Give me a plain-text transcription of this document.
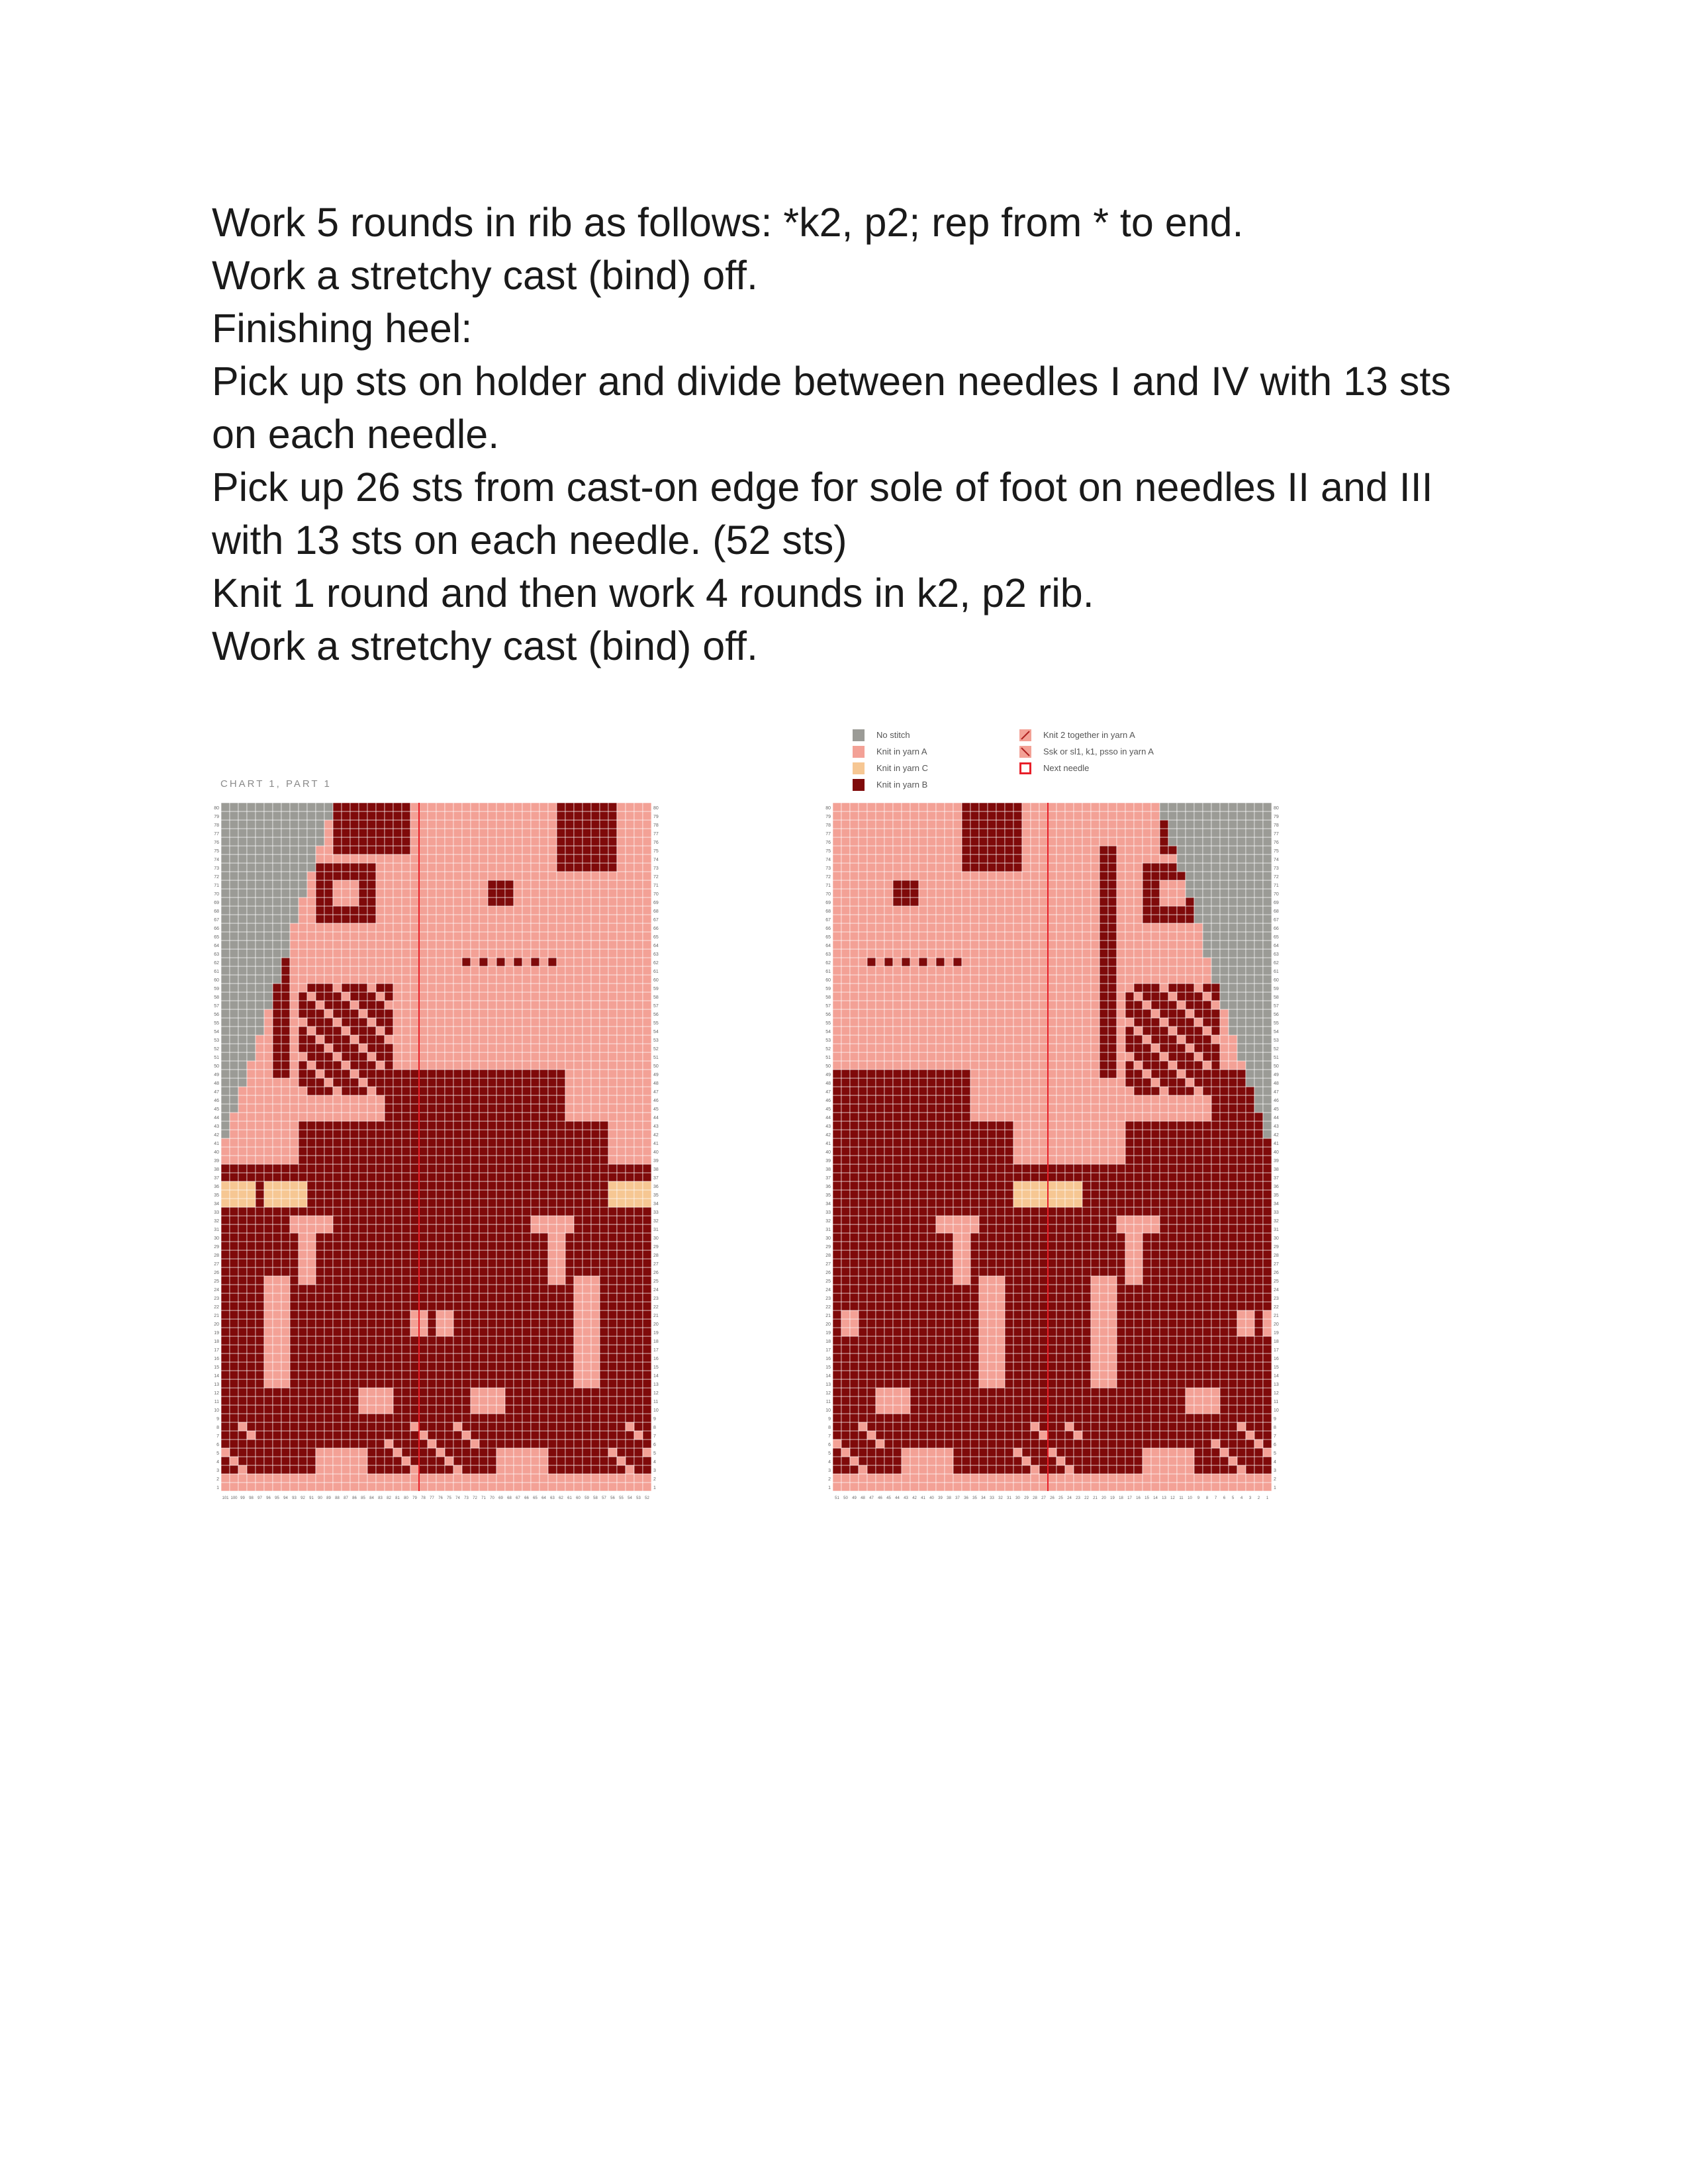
Work 5 rounds in rib as follows: *k2, p2; rep from * to end.

Work a stretchy cast (bind) off.

Finishing heel:

Pick up sts on holder and divide between needles I and IV with 13 sts

on each needle.

Pick up 26 sts from cast-on edge for sole of foot on needles II and III

with 13 sts on each needle. (52 sts)

Knit 1 round and then work 4 rounds in k2, p2 rib.

Work a stretchy cast (bind) off.

CHART 1, PART 1
No stitch
Knit in yarn A
Knit in yarn C
Knit in yarn B
Knit 2 together in yarn A
Ssk or sl1, k1, psso in yarn A
Next needle
1	1
2	2
3	3
4	4
5	5
6	6
7	7
8	8
9	9
10	10
11	11
12	12
13	13
14	14
15	15
16	16
17	17
18	18
19	19
20	20
21	21
22	22
23	23
24	24
25	25
26	26
27	27
28	28
29	29
30	30
31	31
32	32
33	33
34	34
35	35
36	36
37	37
38	38
39	39
40	40
41	41
42	42
43	43
44	44
45	45
46	46
47	47
48	48
49	49
50	50
51	51
52	52
53	53
54	54
55	55
56	56
57	57
58	58
59	59
60	60
61	61
62	62
63	63
64	64
65	65
66	66
67	67
68	68
69	69
70	70
71	71
72	72
73	73
74	74
75	75
76	76
77	77
78	78
79	79
80	80
101 100 99 98 97 96 95 94 93 92 91 90 89 88 87 86 85 84 83 82 81 80 79 78 77 76 75 74 73 72 71 70 69 68 67 66 65 64 63 62 61 60 59 58 57 56 55 54 53 52
1	1
2	2
3	3
4	4
5	5
6	6
7	7
8	8
9	9
10	10
11	11
12	12
13	13
14	14
15	15
16	16
17	17
18	18
19	19
20	20
21	21
22	22
23	23
24	24
25	25
26	26
27	27
28	28
29	29
30	30
31	31
32	32
33	33
34	34
35	35
36	36
37	37
38	38
39	39
40	40
41	41
42	42
43	43
44	44
45	45
46	46
47	47
48	48
49	49
50	50
51	51
52	52
53	53
54	54
55	55
56	56
57	57
58	58
59	59
60	60
61	61
62	62
63	63
64	64
65	65
66	66
67	67
68	68
69	69
70	70
71	71
72	72
73	73
74	74
75	75
76	76
77	77
78	78
79	79
80	80
51 50 49 48 47 46 45 44 43 42 41 40 39 38 37 36 35 34 33 32 31 30 29 28 27 26 25 24 23 22 21 20 19 18 17 16 15 14 13 12 11 10 9 8 7 6 5 4 3 2 1
